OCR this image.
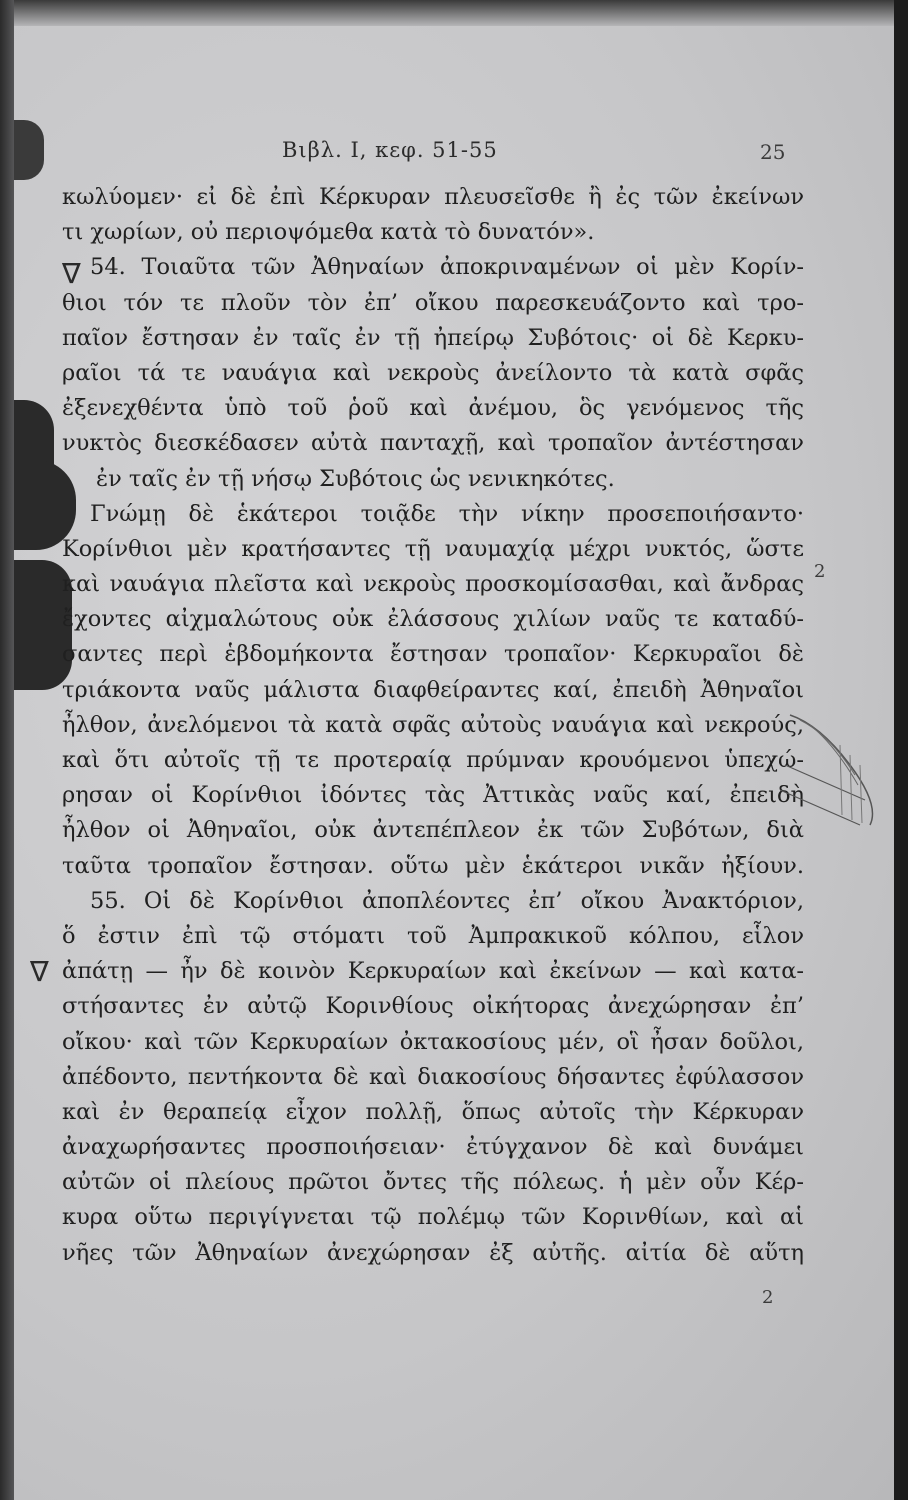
Βιβλ. Ι, κεφ. 51-55	25
∇
∇
κωλύομεν· εἰ δὲ ἐπὶ Κέρκυραν πλευσεῖσθε ἢ ἐς τῶν ἐκείνων
τι χωρίων, οὐ περιοψόμεθα κατὰ τὸ δυνατόν».
54. Τοιαῦτα τῶν Ἀθηναίων ἀποκριναμένων οἱ μὲν Κορίν-
θιοι τόν τε πλοῦν τὸν ἐπ’ οἴκου παρεσκευάζοντο καὶ τρο-
παῖον ἔστησαν ἐν ταῖς ἐν τῇ ἠπείρῳ Συβότοις· οἱ δὲ Κερκυ-
ραῖοι τά τε ναυάγια καὶ νεκροὺς ἀνείλοντο τὰ κατὰ σφᾶς
ἐξενεχθέντα ὑπὸ τοῦ ῥοῦ καὶ ἀνέμου, ὃς γενόμενος τῆς
νυκτὸς διεσκέδασεν αὐτὰ πανταχῇ, καὶ τροπαῖον ἀντέστησαν
ἐν ταῖς ἐν τῇ νήσῳ Συβότοις ὡς νενικηκότες.
Γνώμῃ δὲ ἑκάτεροι τοιᾷδε τὴν νίκην προσεποιήσαντο·
Κορίνθιοι μὲν κρατήσαντες τῇ ναυμαχίᾳ μέχρι νυκτός, ὥστε
καὶ ναυάγια πλεῖστα καὶ νεκροὺς προσκομίσασθαι, καὶ ἄνδρας
ἔχοντες αἰχμαλώτους οὐκ ἐλάσσους χιλίων ναῦς τε καταδύ-
σαντες περὶ ἑβδομήκοντα ἔστησαν τροπαῖον· Κερκυραῖοι δὲ
τριάκοντα ναῦς μάλιστα διαφθείραντες καί, ἐπειδὴ Ἀθηναῖοι
ἦλθον, ἀνελόμενοι τὰ κατὰ σφᾶς αὐτοὺς ναυάγια καὶ νεκρούς,
καὶ ὅτι αὐτοῖς τῇ τε προτεραίᾳ πρύμναν κρουόμενοι ὑπεχώ-
ρησαν οἱ Κορίνθιοι ἰδόντες τὰς Ἀττικὰς ναῦς καί, ἐπειδὴ
ἦλθον οἱ Ἀθηναῖοι, οὐκ ἀντεπέπλεον ἐκ τῶν Συβότων, διὰ
ταῦτα τροπαῖον ἔστησαν. οὕτω μὲν ἑκάτεροι νικᾶν ἠξίουν.
55. Οἱ δὲ Κορίνθιοι ἀποπλέοντες ἐπ’ οἴκου Ἀνακτόριον,
ὅ ἐστιν ἐπὶ τῷ στόματι τοῦ Ἀμπρακικοῦ κόλπου, εἷλον
ἀπάτῃ — ἦν δὲ κοινὸν Κερκυραίων καὶ ἐκείνων — καὶ κατα-
στήσαντες ἐν αὐτῷ Κορινθίους οἰκήτορας ἀνεχώρησαν ἐπ’
οἴκου· καὶ τῶν Κερκυραίων ὀκτακοσίους μέν, οἳ ἦσαν δοῦλοι,
ἀπέδοντο, πεντήκοντα δὲ καὶ διακοσίους δήσαντες ἐφύλασσον
καὶ ἐν θεραπείᾳ εἶχον πολλῇ, ὅπως αὐτοῖς τὴν Κέρκυραν
ἀναχωρήσαντες προσποιήσειαν· ἐτύγχανον δὲ καὶ δυνάμει
αὐτῶν οἱ πλείους πρῶτοι ὄντες τῆς πόλεως. ἡ μὲν οὖν Κέρ-
κυρα οὕτω περιγίγνεται τῷ πολέμῳ τῶν Κορινθίων, καὶ αἱ
νῆες τῶν Ἀθηναίων ἀνεχώρησαν ἐξ αὐτῆς. αἰτία δὲ αὕτη
2
2
